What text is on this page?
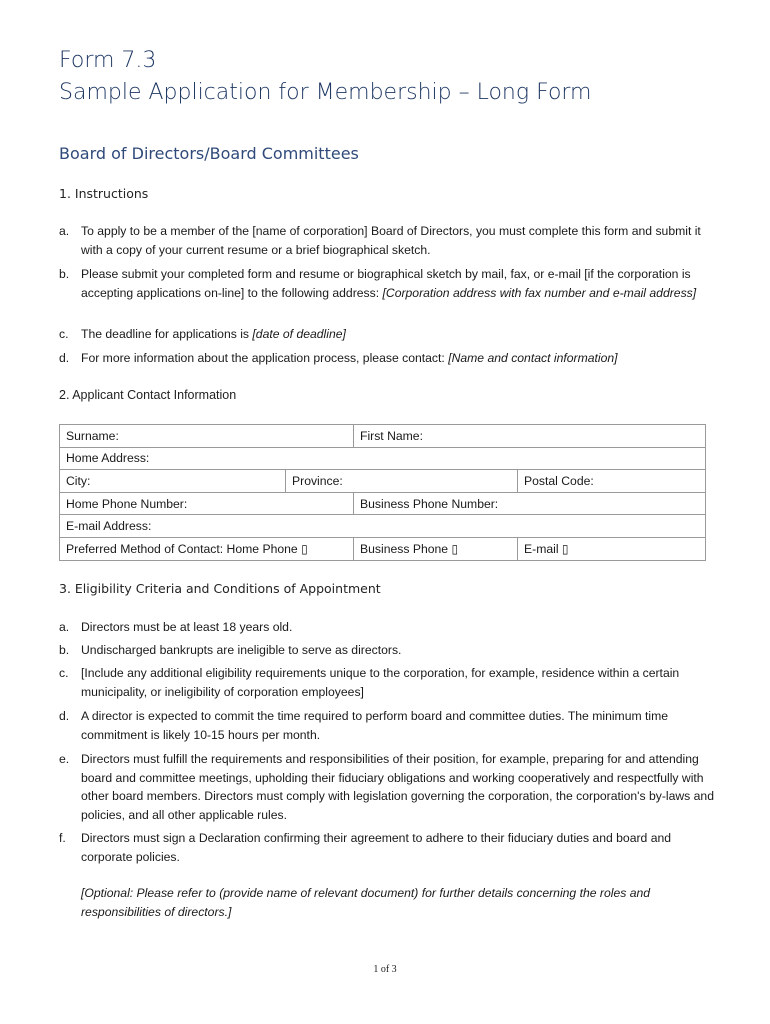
Form 7.3
Sample Application for Membership – Long Form
Board of Directors/Board Committees
1. Instructions
a. To apply to be a member of the [name of corporation] Board of Directors, you must complete this form and submit it with a copy of your current resume or a brief biographical sketch.
b. Please submit your completed form and resume or biographical sketch by mail, fax, or e-mail [if the corporation is accepting applications on-line] to the following address: [Corporation address with fax number and e-mail address]
c.	The deadline for applications is [date of deadline]
d. For more information about the application process, please contact: [Name and contact information]
2. Applicant Contact Information
Surname:		First Name:	
Home Address:			
City:	Province:		Postal Code:
Home Phone Number:		Business Phone Number:	
E-mail Address:			
Preferred Method of Contact: Home Phone ▯		Business Phone ▯	E-mail ▯
3. Eligibility Criteria and Conditions of Appointment
a. Directors must be at least 18 years old.
b. Undischarged bankrupts are ineligible to serve as directors.
c.	[Include any additional eligibility requirements unique to the corporation, for example, residence within a certain municipality, or ineligibility of corporation employees]
d. A director is expected to commit the time required to perform board and committee duties. The minimum time commitment is likely 10-15 hours per month.
e. Directors must fulfill the requirements and responsibilities of their position, for example, preparing for and attending board and committee meetings, upholding their fiduciary obligations and working cooperatively and respectfully with other board members. Directors must comply with legislation governing the corporation, the corporation's by-laws and policies, and all other applicable rules.
f.	Directors must sign a Declaration confirming their agreement to adhere to their fiduciary duties and board and corporate policies.
[Optional: Please refer to (provide name of relevant document) for further details concerning the roles and responsibilities of directors.]
1 of 3
